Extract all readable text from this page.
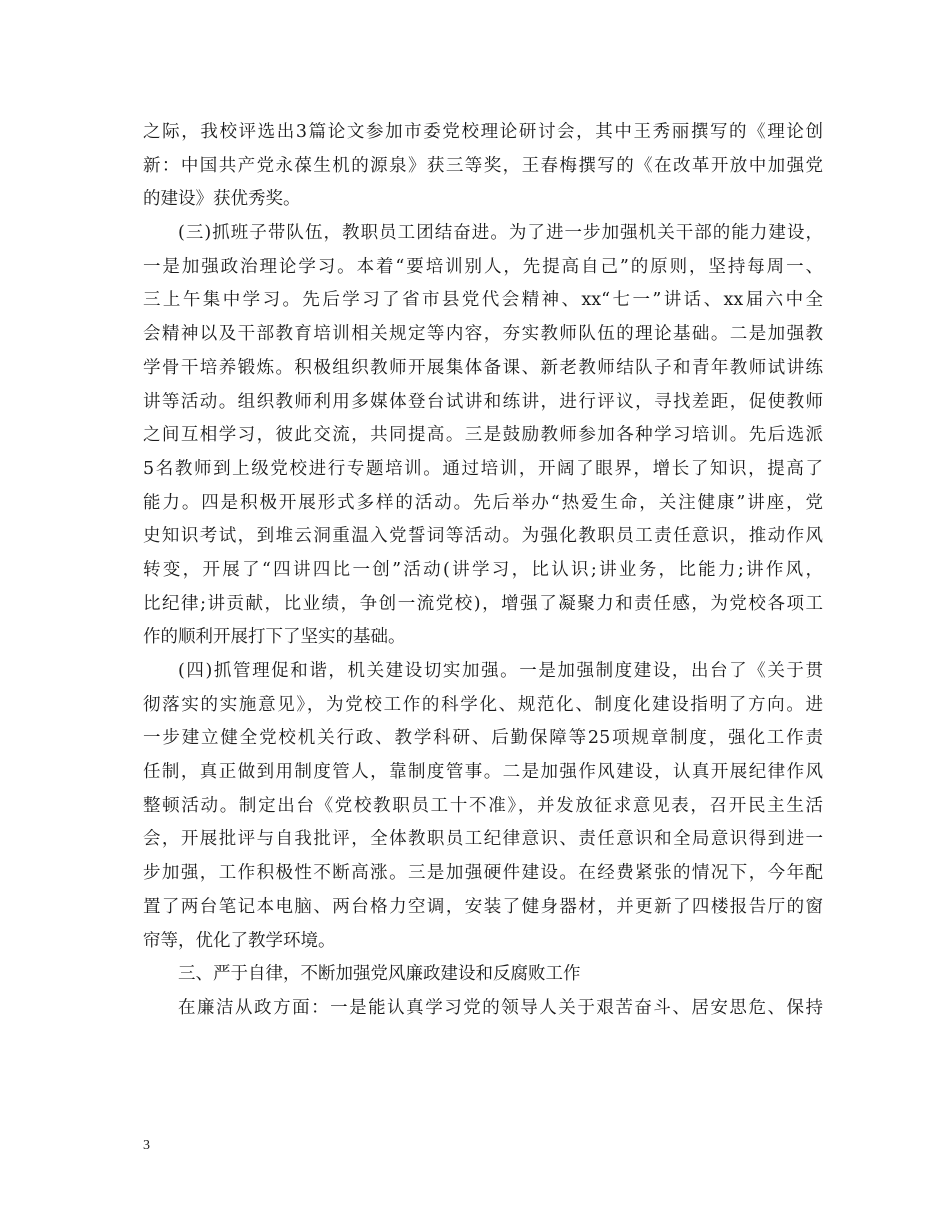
之际，我校评选出3篇论文参加市委党校理论研讨会，其中王秀丽撰写的《理论创
新：中国共产党永葆生机的源泉》获三等奖，王春梅撰写的《在改革开放中加强党
的建设》获优秀奖。
(三)抓班子带队伍，教职员工团结奋进。为了进一步加强机关干部的能力建设，
一是加强政治理论学习。本着“要培训别人，先提高自己”的原则，坚持每周一、
三上午集中学习。先后学习了省市县党代会精神、xx“七一”讲话、xx届六中全
会精神以及干部教育培训相关规定等内容，夯实教师队伍的理论基础。二是加强教
学骨干培养锻炼。积极组织教师开展集体备课、新老教师结队子和青年教师试讲练
讲等活动。组织教师利用多媒体登台试讲和练讲，进行评议，寻找差距，促使教师
之间互相学习，彼此交流，共同提高。三是鼓励教师参加各种学习培训。先后选派
5名教师到上级党校进行专题培训。通过培训，开阔了眼界，增长了知识，提高了
能力。四是积极开展形式多样的活动。先后举办“热爱生命，关注健康”讲座，党
史知识考试，到堆云洞重温入党誓词等活动。为强化教职员工责任意识，推动作风
转变，开展了“四讲四比一创”活动(讲学习，比认识;讲业务，比能力;讲作风，
比纪律;讲贡献，比业绩，争创一流党校)，增强了凝聚力和责任感，为党校各项工
作的顺利开展打下了坚实的基础。
(四)抓管理促和谐，机关建设切实加强。一是加强制度建设，出台了《关于贯
彻落实的实施意见》，为党校工作的科学化、规范化、制度化建设指明了方向。进
一步建立健全党校机关行政、教学科研、后勤保障等25项规章制度，强化工作责
任制，真正做到用制度管人，靠制度管事。二是加强作风建设，认真开展纪律作风
整顿活动。制定出台《党校教职员工十不准》，并发放征求意见表，召开民主生活
会，开展批评与自我批评，全体教职员工纪律意识、责任意识和全局意识得到进一
步加强，工作积极性不断高涨。三是加强硬件建设。在经费紧张的情况下，今年配
置了两台笔记本电脑、两台格力空调，安装了健身器材，并更新了四楼报告厅的窗
帘等，优化了教学环境。
三、严于自律，不断加强党风廉政建设和反腐败工作
在廉洁从政方面：一是能认真学习党的领导人关于艰苦奋斗、居安思危、保持
3
